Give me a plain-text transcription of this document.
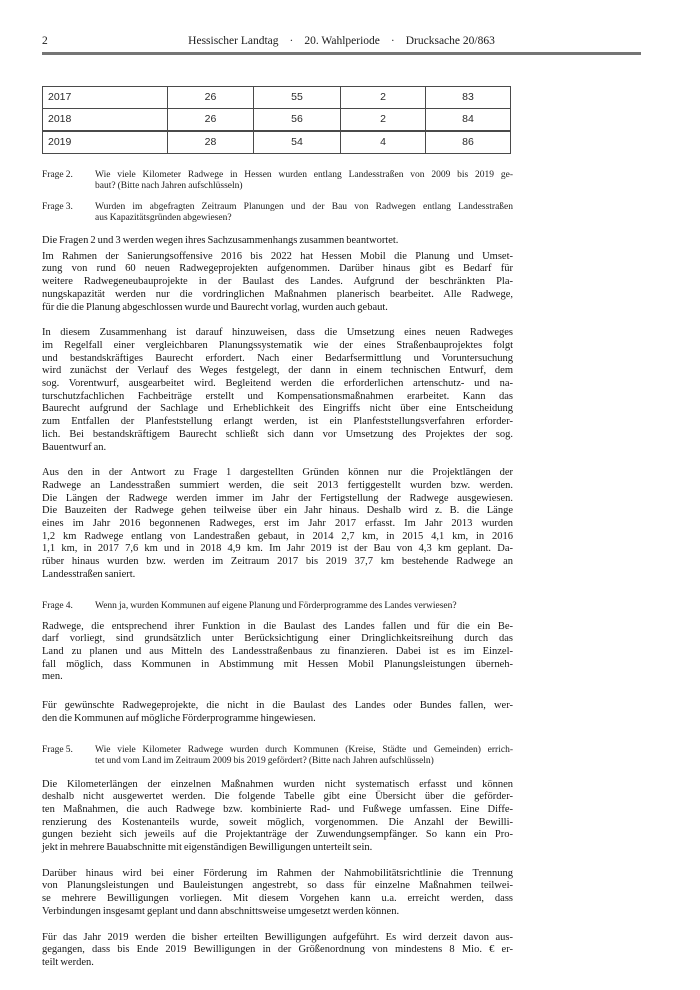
2	Hessischer Landtag · 20. Wahlperiode · Drucksache 20/863
2017	26	55	2	83
2018	26	56	2	84
2019	28	54	4	86
Frage 2. Wie viele Kilometer Radwege in Hessen wurden entlang Landesstraßen von 2009 bis 2019 ge-
baut? (Bitte nach Jahren aufschlüsseln)
Frage 3. Wurden im abgefragten Zeitraum Planungen und der Bau von Radwegen entlang Landesstraßen
aus Kapazitätsgründen abgewiesen?
Die Fragen 2 und 3 werden wegen ihres Sachzusammenhangs zusammen beantwortet.
Im Rahmen der Sanierungsoffensive 2016 bis 2022 hat Hessen Mobil die Planung und Umset-
zung von rund 60 neuen Radwegeprojekten aufgenommen. Darüber hinaus gibt es Bedarf für
weitere Radwegeneubauprojekte in der Baulast des Landes. Aufgrund der beschränkten Pla-
nungskapazität werden nur die vordringlichen Maßnahmen planerisch bearbeitet. Alle Radwege,
für die die Planung abgeschlossen wurde und Baurecht vorlag, wurden auch gebaut.
In diesem Zusammenhang ist darauf hinzuweisen, dass die Umsetzung eines neuen Radweges
im Regelfall einer vergleichbaren Planungssystematik wie der eines Straßenbauprojektes folgt
und bestandskräftiges Baurecht erfordert. Nach einer Bedarfsermittlung und Voruntersuchung
wird zunächst der Verlauf des Weges festgelegt, der dann in einem technischen Entwurf, dem
sog. Vorentwurf, ausgearbeitet wird. Begleitend werden die erforderlichen artenschutz- und na-
turschutzfachlichen Fachbeiträge erstellt und Kompensationsmaßnahmen erarbeitet. Kann das
Baurecht aufgrund der Sachlage und Erheblichkeit des Eingriffs nicht über eine Entscheidung
zum Entfallen der Planfeststellung erlangt werden, ist ein Planfeststellungsverfahren erforder-
lich. Bei bestandskräftigem Baurecht schließt sich dann vor Umsetzung des Projektes der sog.
Bauentwurf an.
Aus den in der Antwort zu Frage 1 dargestellten Gründen können nur die Projektlängen der
Radwege an Landesstraßen summiert werden, die seit 2013 fertiggestellt wurden bzw. werden.
Die Längen der Radwege werden immer im Jahr der Fertigstellung der Radwege ausgewiesen.
Die Bauzeiten der Radwege gehen teilweise über ein Jahr hinaus. Deshalb wird z. B. die Länge
eines im Jahr 2016 begonnenen Radweges, erst im Jahr 2017 erfasst. Im Jahr 2013 wurden
1,2 km Radwege entlang von Landestraßen gebaut, in 2014 2,7 km, in 2015 4,1 km, in 2016
1,1 km, in 2017 7,6 km und in 2018 4,9 km. Im Jahr 2019 ist der Bau von 4,3 km geplant. Da-
rüber hinaus wurden bzw. werden im Zeitraum 2017 bis 2019 37,7 km bestehende Radwege an
Landesstraßen saniert.
Frage 4. Wenn ja, wurden Kommunen auf eigene Planung und Förderprogramme des Landes verwiesen?
Radwege, die entsprechend ihrer Funktion in die Baulast des Landes fallen und für die ein Be-
darf vorliegt, sind grundsätzlich unter Berücksichtigung einer Dringlichkeitsreihung durch das
Land zu planen und aus Mitteln des Landesstraßenbaus zu finanzieren. Dabei ist es im Einzel-
fall möglich, dass Kommunen in Abstimmung mit Hessen Mobil Planungsleistungen überneh-
men.
Für gewünschte Radwegeprojekte, die nicht in die Baulast des Landes oder Bundes fallen, wer-
den die Kommunen auf mögliche Förderprogramme hingewiesen.
Frage 5. Wie viele Kilometer Radwege wurden durch Kommunen (Kreise, Städte und Gemeinden) errich-
tet und vom Land im Zeitraum 2009 bis 2019 gefördert? (Bitte nach Jahren aufschlüsseln)
Die Kilometerlängen der einzelnen Maßnahmen wurden nicht systematisch erfasst und können
deshalb nicht ausgewertet werden. Die folgende Tabelle gibt eine Übersicht über die geförder-
ten Maßnahmen, die auch Radwege bzw. kombinierte Rad- und Fußwege umfassen. Eine Diffe-
renzierung des Kostenanteils wurde, soweit möglich, vorgenommen. Die Anzahl der Bewilli-
gungen bezieht sich jeweils auf die Projektanträge der Zuwendungsempfänger. So kann ein Pro-
jekt in mehrere Bauabschnitte mit eigenständigen Bewilligungen unterteilt sein.
Darüber hinaus wird bei einer Förderung im Rahmen der Nahmobilitätsrichtlinie die Trennung
von Planungsleistungen und Bauleistungen angestrebt, so dass für einzelne Maßnahmen teilwei-
se mehrere Bewilligungen vorliegen. Mit diesem Vorgehen kann u.a. erreicht werden, dass
Verbindungen insgesamt geplant und dann abschnittsweise umgesetzt werden können.
Für das Jahr 2019 werden die bisher erteilten Bewilligungen aufgeführt. Es wird derzeit davon aus-
gegangen, dass bis Ende 2019 Bewilligungen in der Größenordnung von mindestens 8 Mio. € er-
teilt werden.
